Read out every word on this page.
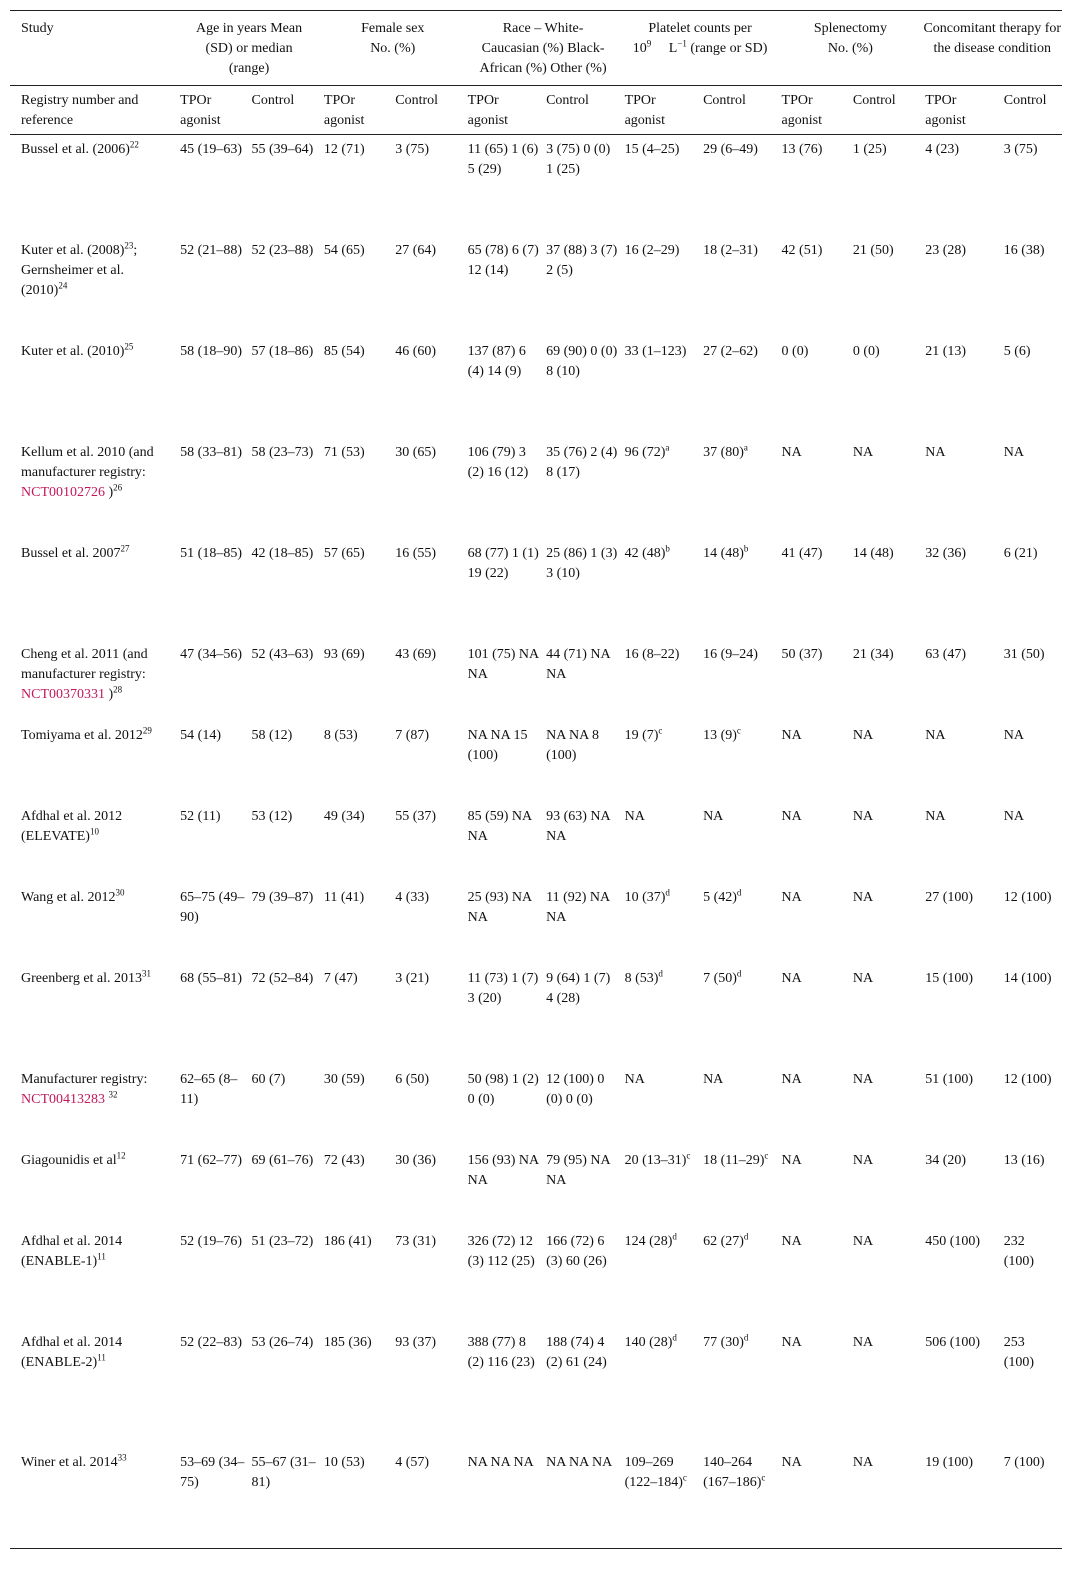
Study	Age in years Mean (SD) or median (range)		Female sex No. (%)		Race – White-Caucasian (%) Black-African (%) Other (%)		Platelet counts per
$10^9$     $L^{-1}$ (range or SD)		Splenectomy No. (%)		Concomitant therapy for the disease condition	

Registry number and reference	TPOr agonist	Control	TPOr agonist	Control	TPOr agonist	Control	TPOr agonist	Control	TPOr agonist	Control	TPOr agonist	Control
Bussel et al. $(2006)^{22}$	45 (19–63)	55 (39–64)	12 (71)	3 (75)	11 (65) 1 (6) 5 (29)	3 (75) 0 (0) 1 (25)	15 (4–25)	29 (6–49)	13 (76)	1 (25)	4 (23)	3 (75)
Kuter et al. $(2008)^{23}$; Gernsheimer et al. $(2010)^{24}$	52 (21–88)	52 (23–88)	54 (65)	27 (64)	65 (78) 6 (7) 12 (14)	37 (88) 3 (7) 2 (5)	16 (2–29)	18 (2–31)	42 (51)	21 (50)	23 (28)	16 (38)
Kuter et al. $(2010)^{25}$	58 (18–90)	57 (18–86)	85 (54)	46 (60)	137 (87) 6 (4) 14 (9)	69 (90) 0 (0) 8 (10)	33 (1–123)	27 (2–62)	0 (0)	0 (0)	21 (13)	5 (6)
Kellum et al. 2010 (and manufacturer registry: NCT00102726 )$^{26}$	58 (33–81)	58 (23–73)	71 (53)	30 (65)	106 (79) 3 (2) 16 (12)	35 (76) 2 (4) 8 (17)	96 $(72)^a$	37 $(80)^a$	NA	NA	NA	NA
Bussel et al. 2007$^{27}$	51 (18–85)	42 (18–85)	57 (65)	16 (55)	68 (77) 1 (1) 19 (22)	25 (86) 1 (3) 3 (10)	42 $(48)^b$	14 $(48)^b$	41 (47)	14 (48)	32 (36)	6 (21)
Cheng et al. 2011 (and manufacturer registry: NCT00370331 )$^{28}$	47 (34–56)	52 (43–63)	93 (69)	43 (69)	101 (75) NA NA	44 (71) NA NA	16 (8–22)	16 (9–24)	50 (37)	21 (34)	63 (47)	31 (50)
Tomiyama et al. 2012$^{29}$	54 (14)	58 (12)	8 (53)	7 (87)	NA NA 15 (100)	NA NA 8 (100)	19 $(7)^c$	13 $(9)^c$	NA	NA	NA	NA
Afdhal et al. 2012 (ELEVATE)$^{10}$	52 (11)	53 (12)	49 (34)	55 (37)	85 (59) NA NA	93 (63) NA NA	NA	NA	NA	NA	NA	NA
Wang et al. 2012$^{30}$	65–75 (49–90)	79 (39–87)	11 (41)	4 (33)	25 (93) NA NA	11 (92) NA NA	10 $(37)^d$	5 $(42)^d$	NA	NA	27 (100)	12 (100)
Greenberg et al. 2013$^{31}$	68 (55–81)	72 (52–84)	7 (47)	3 (21)	11 (73) 1 (7) 3 (20)	9 (64) 1 (7) 4 (28)	8 $(53)^d$	7 $(50)^d$	NA	NA	15 (100)	14 (100)
Manufacturer registry: NCT00413283 $^{32}$	62–65 (8–11)	60 (7)	30 (59)	6 (50)	50 (98) 1 (2) 0 (0)	12 (100) 0 (0) 0 (0)	NA	NA	NA	NA	51 (100)	12 (100)
Giagounidis et $al^{12}$	71 (62–77)	69 (61–76)	72 (43)	30 (36)	156 (93) NA NA	79 (95) NA NA	20 $(13-31)^c$	18 $(11-29)^c$	NA	NA	34 (20)	13 (16)
Afdhal et al. 2014 (ENABLE-1)$^{11}$	52 (19–76)	51 (23–72)	186 (41)	73 (31)	326 (72) 12 (3) 112 (25)	166 (72) 6 (3) 60 (26)	124 $(28)^d$	62 $(27)^d$	NA	NA	450 (100)	232 (100)
Afdhal et al. 2014 (ENABLE-2)$^{11}$	52 (22–83)	53 (26–74)	185 (36)	93 (37)	388 (77) 8 (2) 116 (23)	188 (74) 4 (2) 61 (24)	140 $(28)^d$	77 $(30)^d$	NA	NA	506 (100)	253 (100)
Winer et al. 2014$^{33}$	53–69 (34–75)	55–67 (31–81)	10 (53)	4 (57)	NA NA NA	NA NA NA	109–269 $(122-184)^c$	140–264 $(167-186)^c$	NA	NA	19 (100)	7 (100)
